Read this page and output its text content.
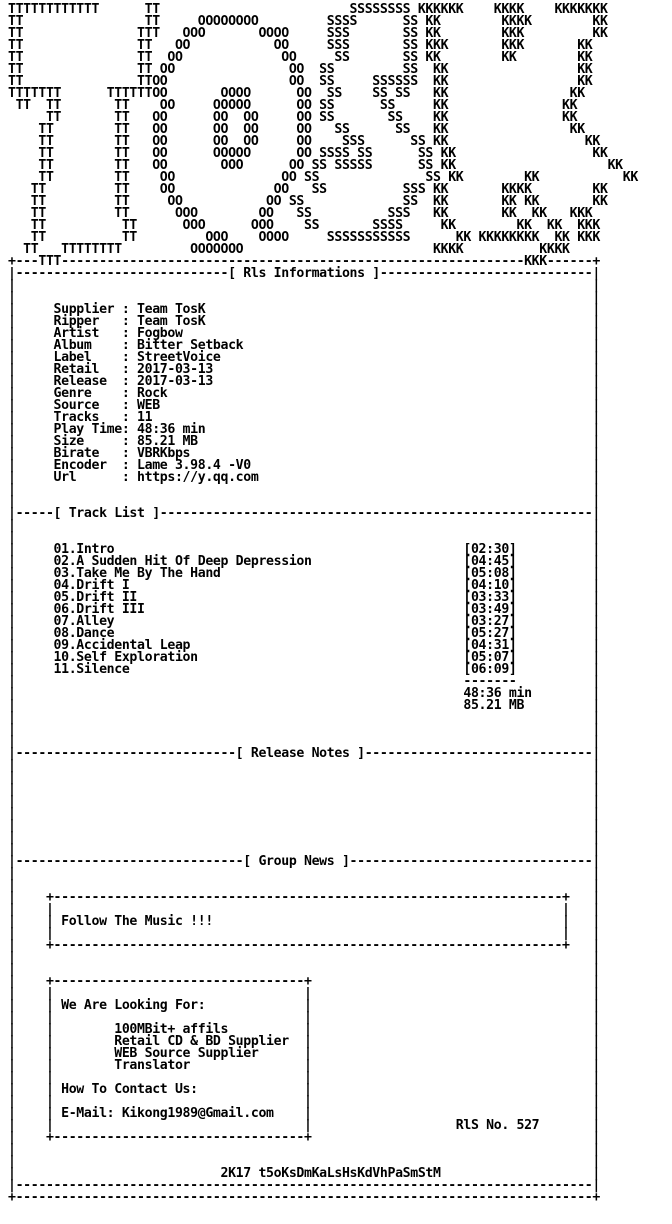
TTTTTTTTTTTT      TT                         SSSSSSSS KKKKKK    KKKK    KKKKKKK
TT                TT     OOOOOOOO         SSSS      SS KK        KKKK        KK
TT               TTT   OOO       OOOO     SSS       SS KK        KKK         KK
TT               TT   OO           OO     SSS       SS KKK       KKK       KK
TT               TT  OO             OO     SS       SS KK        KK        KK
TT               TT OO               OO  SS         SS  KK                 KK
TT               TTOO                OO  SS     SSSSSS  KK                 KK
TTTTTTT      TTTTTTOO       OOOO      OO  SS    SS SS   KK                KK
TT  TT       TT    OO     OOOOO      OO SS      SS     KK               KK
TT       TT   OO      OO  OO     OO SS       SS    KK               KK
TT        TT   OO      OO  OO     OO   SS      SS   KK                KK
TT        TT   OO      OO  OO     OO    SSS      SS KK                  KK
TT        TT   OO      OOOOO      OO SSSS SS      SS KK                  KK
TT        TT   OO       OOO      OO SS SSSSS      SS KK                    KK
TT        TT    OO              OO SS              SS KK        KK           KK
TT         TT    OO             OO   SS          SSS KK       KKKK        KK
TT         TT     OO           OO SS             SS  KK       KK KK       KK
TT         TT      OOO        OO   SS          SSS   KK       KK  KK   KKK
TT          TT      OOO      OOO    SS       SSSS     KK        KK  KK  KKK
TT          TT         OOO    OOOO     SSSSSSSSSSS      KK KKKKKKKK  KK KKK
TT   TTTTTTTT         OOOOOOO                         KKKK          KKKK
+---TTT-------------------------------------------------------------KKK------+
|----------------------------[ Rls Informations ]----------------------------|
|                                                                            |
|                                                                            |
|     Supplier : Team TosK                                                   |
|     Ripper   : Team TosK                                                   |
|     Artist   : Fogbow                                                      |
|     Album    : Bitter Setback                                              |
|     Label    : StreetVoice                                                 |
|     Retail   : 2017-03-13                                                  |
|     Release  : 2017-03-13                                                  |
|     Genre    : Rock                                                        |
|     Source   : WEB                                                         |
|     Tracks   : 11                                                          |
|     Play Time: 48:36 min                                                   |
|     Size     : 85.21 MB                                                    |
|     Birate   : VBRKbps                                                     |
|     Encoder  : Lame 3.98.4 -V0                                             |
|     Url      : https://y.qq.com                                            |
|                                                                            |
|                                                                            |
|-----[ Track List ]---------------------------------------------------------|
|                                                                            |
|                                                                            |
|     01.Intro                                              [02:30]          |
|     02.A Sudden Hit Of Deep Depression                    [04:45]          |
|     03.Take Me By The Hand                                [05:08]          |
|     04.Drift I                                            [04:10]          |
|     05.Drift II                                           [03:33]          |
|     06.Drift III                                          [03:49]          |
|     07.Alley                                              [03:27]          |
|     08.Dance                                              [05:27]          |
|     09.Accidental Leap                                    [04:31]          |
|     10.Self Exploration                                   [05:07]          |
|     11.Silence                                            [06:09]          |
|                                                           -------          |
|                                                           48:36 min        |
|                                                           85.21 MB         |
|                                                                            |
|                                                                            |
|                                                                            |
|-----------------------------[ Release Notes ]------------------------------|
|                                                                            |
|                                                                            |
|                                                                            |
|                                                                            |
|                                                                            |
|                                                                            |
|                                                                            |
|                                                                            |
|------------------------------[ Group News ]--------------------------------|
|                                                                            |
|                                                                            |
|    +-------------------------------------------------------------------+   |
|    |                                                                   |   |
|    | Follow The Music !!!                                              |   |
|    |                                                                   |   |
|    +-------------------------------------------------------------------+   |
|                                                                            |
|                                                                            |
|    +---------------------------------+                                     |
|    |                                 |                                     |
|    | We Are Looking For:             |                                     |
|    |                                 |                                     |
|    |        100MBit+ affils          |                                     |
|    |        Retail CD & BD Supplier  |                                     |
|    |        WEB Source Supplier      |                                     |
|    |        Translator               |                                     |
|    |                                 |                                     |
|    | How To Contact Us:              |                                     |
|    |                                 |                                     |
|    | E-Mail: Kikong1989@Gmail.com    |                                     |
|    |                                 |                   RlS No. 527       |
|    +---------------------------------+                                     |
|                                                                            |
|                                                                            |
|                           2K17 t5oKsDmKaLsHsKdVhPaSmStM                    |
|----------------------------------------------------------------------------|
+----------------------------------------------------------------------------+
